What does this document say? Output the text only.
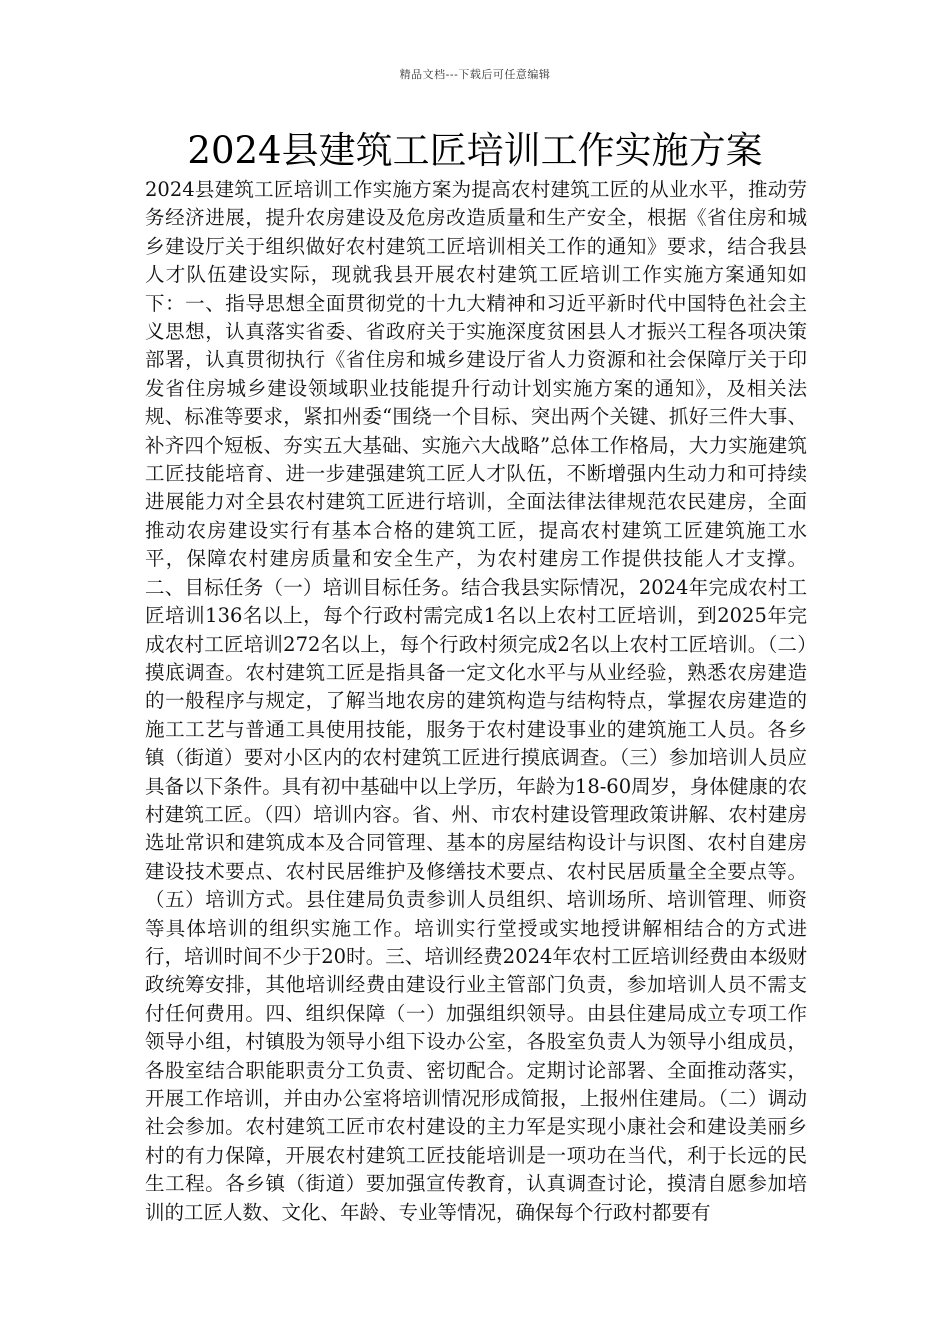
精品文档---下载后可任意编辑
2024县建筑工匠培训工作实施方案

2024县建筑工匠培训工作实施方案为提高农村建筑工匠的从业水平，推动劳务经济进展，提升农房建设及危房改造质量和生产安全，根据《省住房和城乡建设厅关于组织做好农村建筑工匠培训相关工作的通知》要求，结合我县人才队伍建设实际，现就我县开展农村建筑工匠培训工作实施方案通知如下：一、指导思想全面贯彻党的十九大精神和习近平新时代中国特色社会主义思想，认真落实省委、省政府关于实施深度贫困县人才振兴工程各项决策部署，认真贯彻执行《省住房和城乡建设厅省人力资源和社会保障厅关于印发省住房城乡建设领域职业技能提升行动计划实施方案的通知》，及相关法规、标准等要求，紧扣州委“围绕一个目标、突出两个关键、抓好三件大事、补齐四个短板、夯实五大基础、实施六大战略”总体工作格局，大力实施建筑工匠技能培育、进一步建强建筑工匠人才队伍，不断增强内生动力和可持续进展能力对全县农村建筑工匠进行培训，全面法律法律规范农民建房，全面推动农房建设实行有基本合格的建筑工匠，提高农村建筑工匠建筑施工水平，保障农村建房质量和安全生产，为农村建房工作提供技能人才支撑。二、目标任务（一）培训目标任务。结合我县实际情况，2024年完成农村工匠培训136名以上，每个行政村需完成1名以上农村工匠培训，到2025年完成农村工匠培训272名以上，每个行政村须完成2名以上农村工匠培训。（二）摸底调查。农村建筑工匠是指具备一定文化水平与从业经验，熟悉农房建造的一般程序与规定，了解当地农房的建筑构造与结构特点，掌握农房建造的施工工艺与普通工具使用技能，服务于农村建设事业的建筑施工人员。各乡镇（街道）要对小区内的农村建筑工匠进行摸底调查。（三）参加培训人员应具备以下条件。具有初中基础中以上学历，年龄为18-60周岁，身体健康的农村建筑工匠。（四）培训内容。省、州、市农村建设管理政策讲解、农村建房选址常识和建筑成本及合同管理、基本的房屋结构设计与识图、农村自建房建设技术要点、农村民居维护及修缮技术要点、农村民居质量全全要点等。（五）培训方式。县住建局负责参训人员组织、培训场所、培训管理、师资等具体培训的组织实施工作。培训实行堂授或实地授讲解相结合的方式进行，培训时间不少于20时。三、培训经费2024年农村工匠培训经费由本级财政统筹安排，其他培训经费由建设行业主管部门负责，参加培训人员不需支付任何费用。四、组织保障（一）加强组织领导。由县住建局成立专项工作领导小组，村镇股为领导小组下设办公室，各股室负责人为领导小组成员，各股室结合职能职责分工负责、密切配合。定期讨论部署、全面推动落实，开展工作培训，并由办公室将培训情况形成简报，上报州住建局。（二）调动社会参加。农村建筑工匠市农村建设的主力军是实现小康社会和建设美丽乡村的有力保障，开展农村建筑工匠技能培训是一项功在当代，利于长远的民生工程。各乡镇（街道）要加强宣传教育，认真调查讨论，摸清自愿参加培训的工匠人数、文化、年龄、专业等情况，确保每个行政村都要有
